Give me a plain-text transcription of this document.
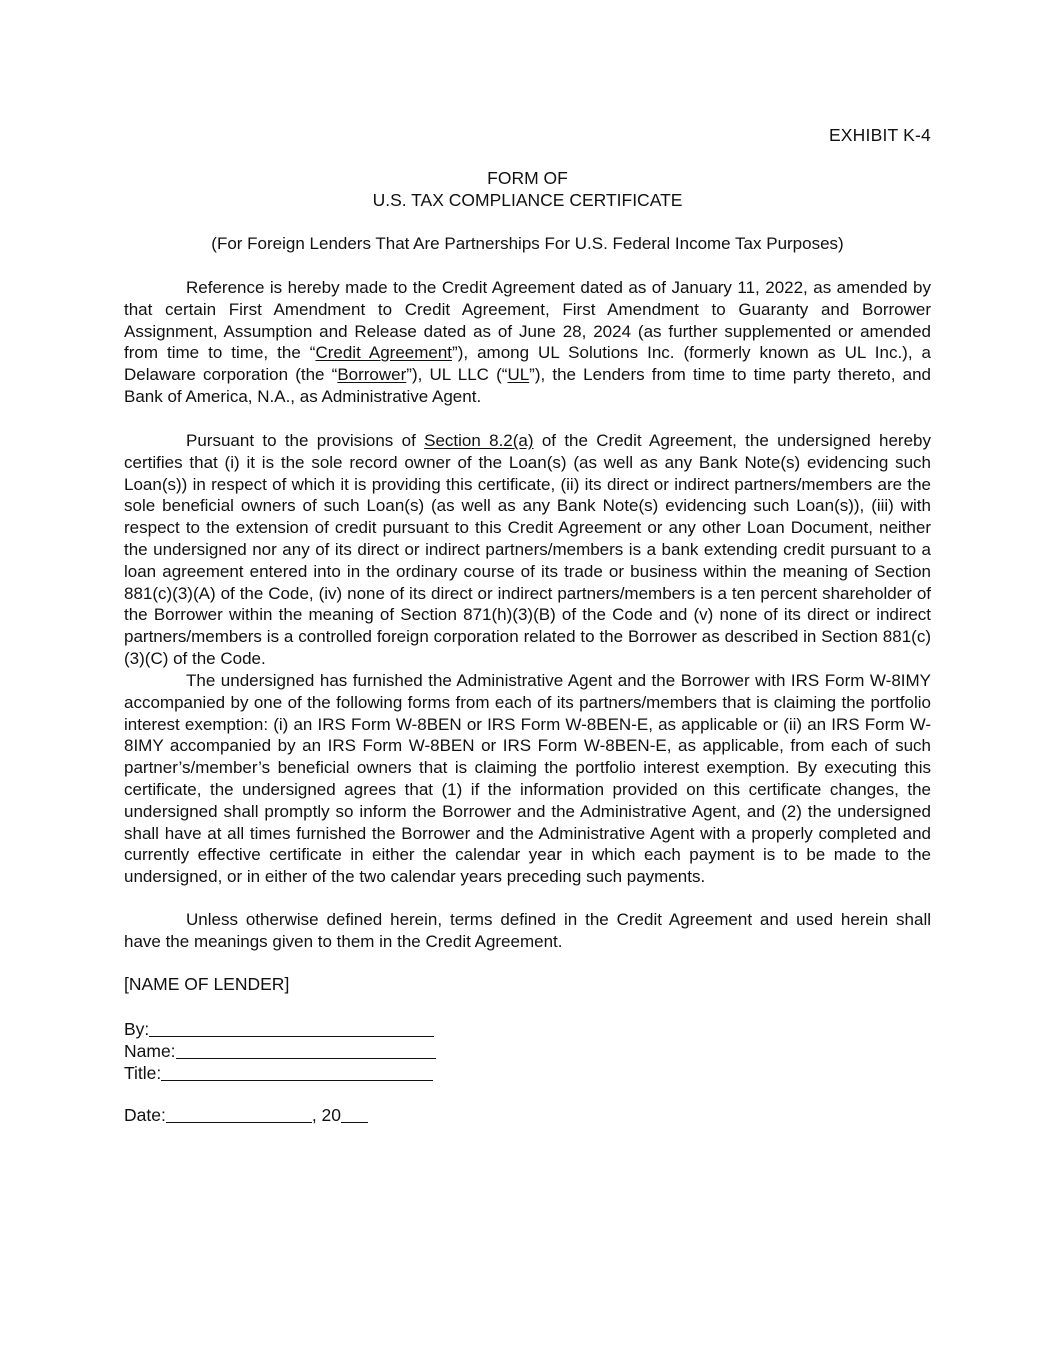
EXHIBIT K-4
FORM OF
U.S. TAX COMPLIANCE CERTIFICATE
(For Foreign Lenders That Are Partnerships For U.S. Federal Income Tax Purposes)

Reference is hereby made to the Credit Agreement dated as of January 11, 2022, as amended by that certain First Amendment to Credit Agreement, First Amendment to Guaranty and Borrower Assignment, Assumption and Release dated as of June 28, 2024 (as further supplemented or amended from time to time, the “Credit Agreement”), among UL Solutions Inc. (formerly known as UL Inc.), a Delaware corporation (the “Borrower”), UL LLC (“UL”), the Lenders from time to time party thereto, and Bank of America, N.A., as Administrative Agent.

Pursuant to the provisions of Section 8.2(a) of the Credit Agreement, the undersigned hereby certifies that (i) it is the sole record owner of the Loan(s) (as well as any Bank Note(s) evidencing such Loan(s)) in respect of which it is providing this certificate, (ii) its direct or indirect partners/members are the sole beneficial owners of such Loan(s) (as well as any Bank Note(s) evidencing such Loan(s)), (iii) with respect to the extension of credit pursuant to this Credit Agreement or any other Loan Document, neither the undersigned nor any of its direct or indirect partners/members is a bank extending credit pursuant to a loan agreement entered into in the ordinary course of its trade or business within the meaning of Section 881(c)(3)(A) of the Code, (iv) none of its direct or indirect partners/members is a ten percent shareholder of the Borrower within the meaning of Section 871(h)(3)(B) of the Code and (v) none of its direct or indirect partners/members is a controlled foreign corporation related to the Borrower as described in Section 881(c)(3)(C) of the Code.

The undersigned has furnished the Administrative Agent and the Borrower with IRS Form W-8IMY accompanied by one of the following forms from each of its partners/members that is claiming the portfolio interest exemption: (i) an IRS Form W-8BEN or IRS Form W-8BEN-E, as applicable or (ii) an IRS Form W-8IMY accompanied by an IRS Form W-8BEN or IRS Form W-8BEN-E, as applicable, from each of such partner’s/member’s beneficial owners that is claiming the portfolio interest exemption. By executing this certificate, the undersigned agrees that (1) if the information provided on this certificate changes, the undersigned shall promptly so inform the Borrower and the Administrative Agent, and (2) the undersigned shall have at all times furnished the Borrower and the Administrative Agent with a properly completed and currently effective certificate in either the calendar year in which each payment is to be made to the undersigned, or in either of the two calendar years preceding such payments.

Unless otherwise defined herein, terms defined in the Credit Agreement and used herein shall have the meanings given to them in the Credit Agreement.

[NAME OF LENDER]
By:
Name:
Title:
Date:	, 20
